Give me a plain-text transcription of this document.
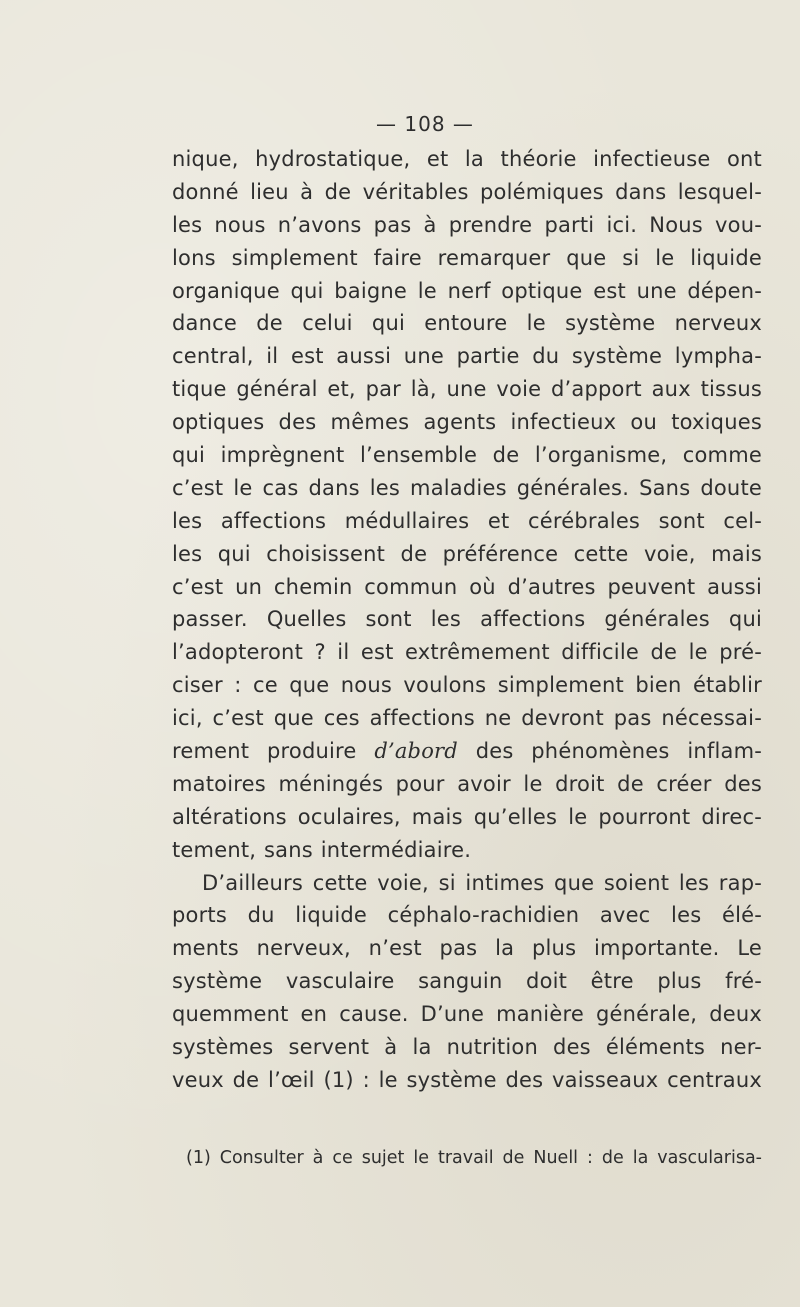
— 108 —
nique, hydrostatique, et la théorie infectieuse ont
donné lieu à de véritables polémiques dans lesquel-
les nous n’avons pas à prendre parti ici. Nous vou-
lons simplement faire remarquer que si le liquide
organique qui baigne le nerf optique est une dépen-
dance de celui qui entoure le système nerveux
central, il est aussi une partie du système lympha-
tique général et, par là, une voie d’apport aux tissus
optiques des mêmes agents infectieux ou toxiques
qui imprègnent l’ensemble de l’organisme, comme
c’est le cas dans les maladies générales. Sans doute
les affections médullaires et cérébrales sont cel-
les qui choisissent de préférence cette voie, mais
c’est un chemin commun où d’autres peuvent aussi
passer. Quelles sont les affections générales qui
l’adopteront ? il est extrêmement difficile de le pré-
ciser : ce que nous voulons simplement bien établir
ici, c’est que ces affections ne devront pas nécessai-
rement produire d’abord des phénomènes inflam-
matoires méningés pour avoir le droit de créer des
altérations oculaires, mais qu’elles le pourront direc-
tement, sans intermédiaire.
D’ailleurs cette voie, si intimes que soient les rap-
ports du liquide céphalo-rachidien avec les élé-
ments nerveux, n’est pas la plus importante. Le
système vasculaire sanguin doit être plus fré-
quemment en cause. D’une manière générale, deux
systèmes servent à la nutrition des éléments ner-
veux de l’œil (1) : le système des vaisseaux centraux
(1) Consulter à ce sujet le travail de Nuell : de la vascularisa-
